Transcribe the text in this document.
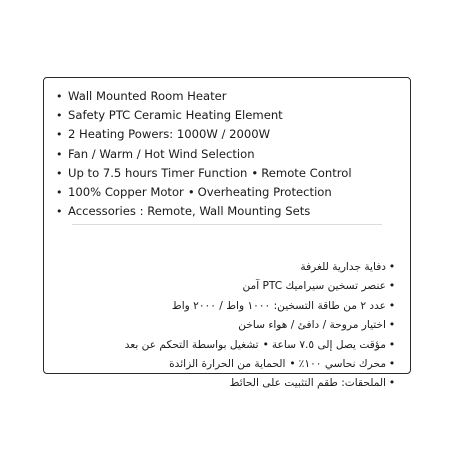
• Wall Mounted Room Heater
• Safety PTC Ceramic Heating Element
• 2 Heating Powers: 1000W / 2000W
• Fan / Warm / Hot Wind Selection
• Up to 7.5 hours Timer Function • Remote Control
• 100% Copper Motor • Overheating Protection
• Accessories : Remote, Wall Mounting Sets
•دفاية جدارية للغرفة
•عنصر تسخين سيراميك PTC آمن
•عدد ٢ من طاقة التسخين: ١٠٠٠ واط / ٢٠٠٠ واط
•اختيار مروحة / دافئ / هواء ساخن
•مؤقت يصل إلى ٧.٥ ساعة•تشغيل بواسطة التحكم عن بعد
•محرك نحاسي ١٠٠٪•الحماية من الحرارة الزائدة
•الملحقات: طقم التثبيت على الحائط
